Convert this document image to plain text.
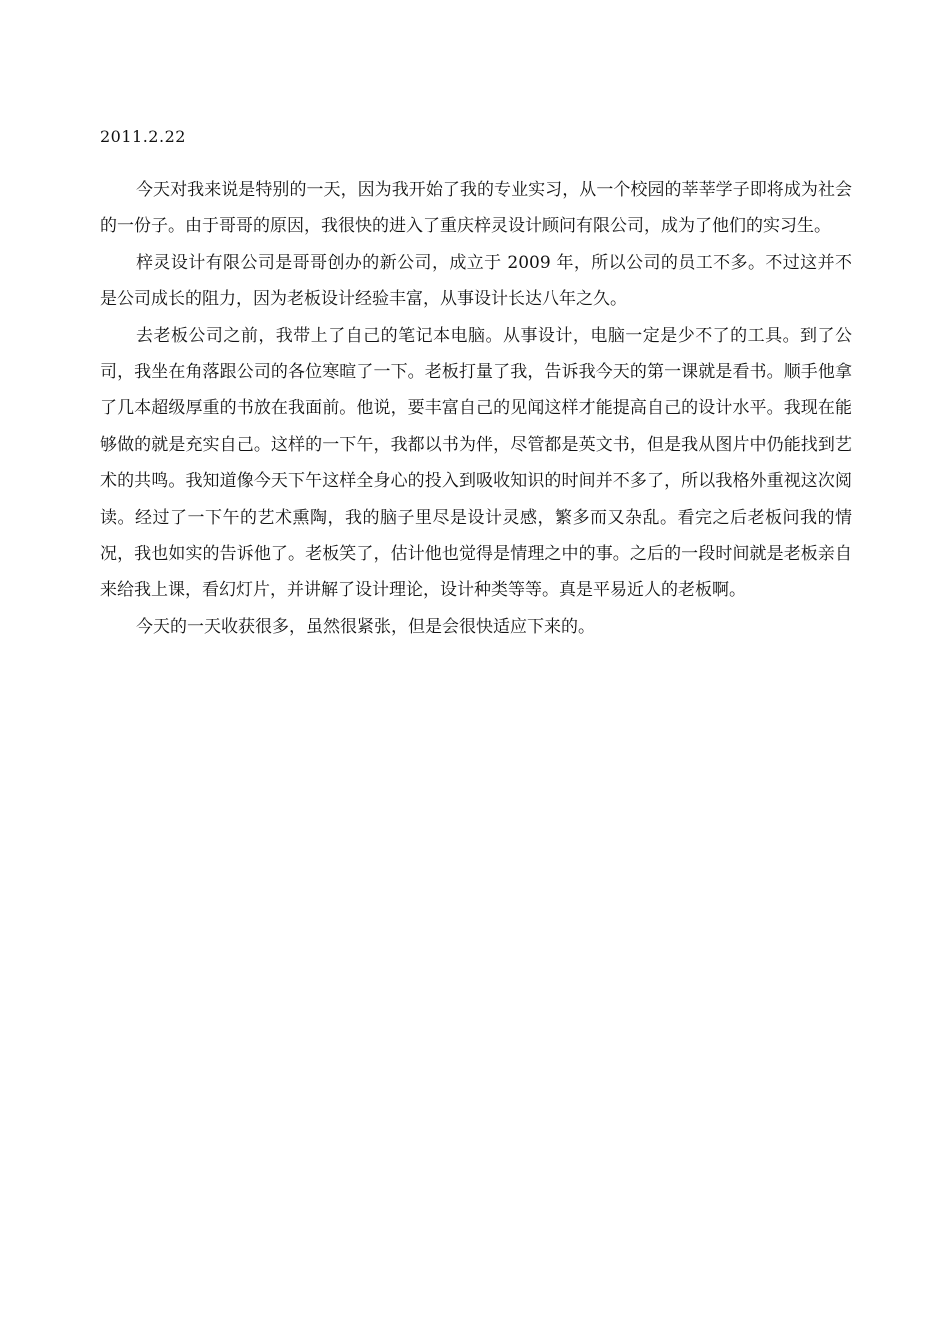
2011.2.22

今天对我来说是特别的一天，因为我开始了我的专业实习，从一个校园的莘莘学子即将成为社会的一份子。由于哥哥的原因，我很快的进入了重庆梓灵设计顾问有限公司，成为了他们的实习生。

梓灵设计有限公司是哥哥创办的新公司，成立于 2009 年，所以公司的员工不多。不过这并不是公司成长的阻力，因为老板设计经验丰富，从事设计长达八年之久。

去老板公司之前，我带上了自己的笔记本电脑。从事设计，电脑一定是少不了的工具。到了公司，我坐在角落跟公司的各位寒暄了一下。老板打量了我，告诉我今天的第一课就是看书。顺手他拿了几本超级厚重的书放在我面前。他说，要丰富自己的见闻这样才能提高自己的设计水平。我现在能够做的就是充实自己。这样的一下午，我都以书为伴，尽管都是英文书，但是我从图片中仍能找到艺术的共鸣。我知道像今天下午这样全身心的投入到吸收知识的时间并不多了，所以我格外重视这次阅读。经过了一下午的艺术熏陶，我的脑子里尽是设计灵感，繁多而又杂乱。看完之后老板问我的情况，我也如实的告诉他了。老板笑了，估计他也觉得是情理之中的事。之后的一段时间就是老板亲自来给我上课，看幻灯片，并讲解了设计理论，设计种类等等。真是平易近人的老板啊。

今天的一天收获很多，虽然很紧张，但是会很快适应下来的。
